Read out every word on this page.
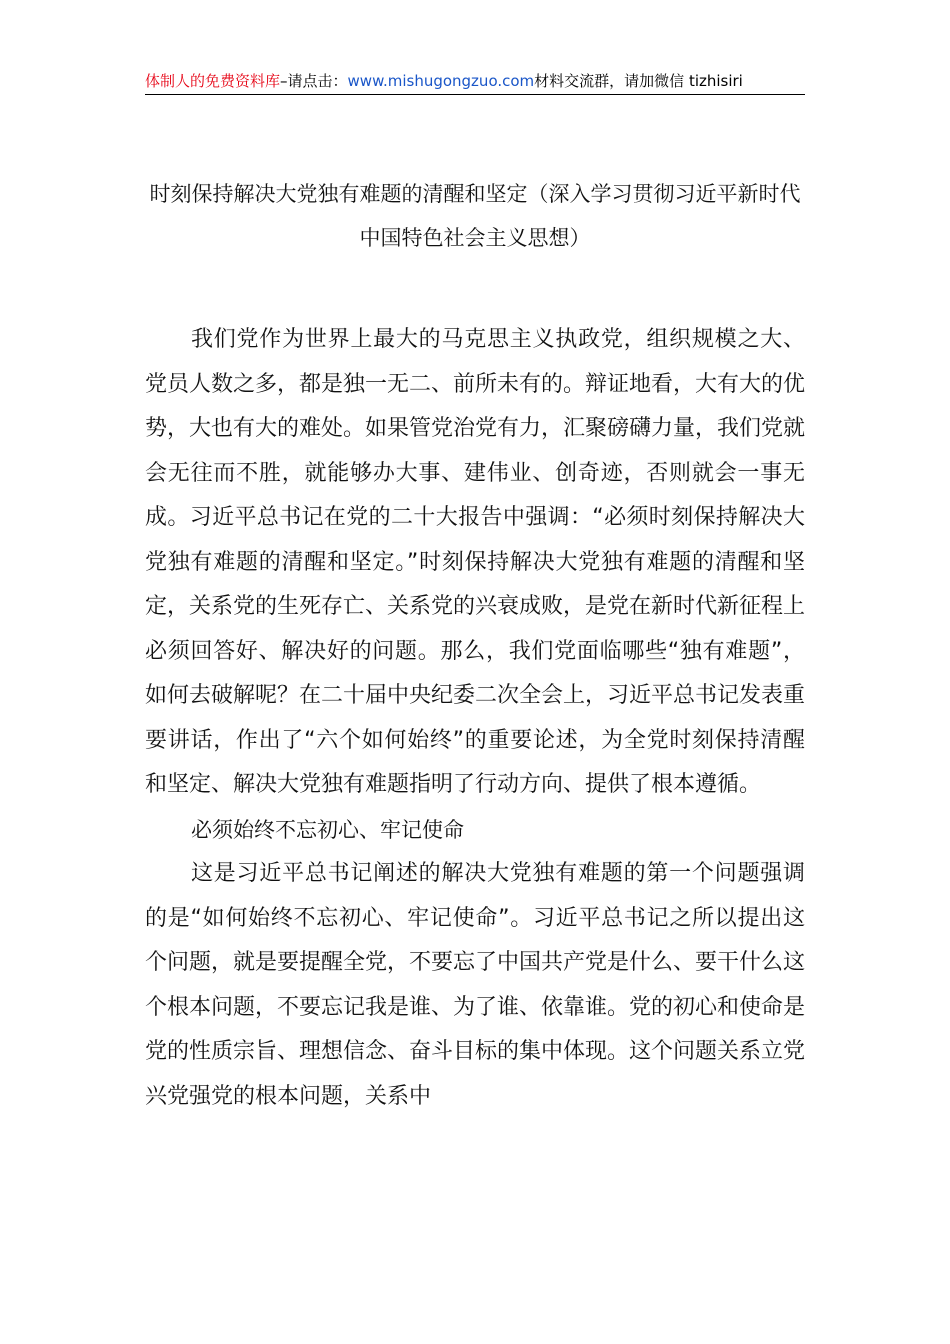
体制人的免费资料库–请点击：www.mishugongzuo.com材料交流群，请加微信 tizhisiri
时刻保持解决大党独有难题的清醒和坚定（深入学习贯彻习近平新时代中国特色社会主义思想）

我们党作为世界上最大的马克思主义执政党，组织规模之大、党员人数之多，都是独一无二、前所未有的。辩证地看，大有大的优势，大也有大的难处。如果管党治党有力，汇聚磅礴力量，我们党就会无往而不胜，就能够办大事、建伟业、创奇迹，否则就会一事无成。习近平总书记在党的二十大报告中强调：“必须时刻保持解决大党独有难题的清醒和坚定。”时刻保持解决大党独有难题的清醒和坚定，关系党的生死存亡、关系党的兴衰成败，是党在新时代新征程上必须回答好、解决好的问题。那么，我们党面临哪些“独有难题”，如何去破解呢？在二十届中央纪委二次全会上，习近平总书记发表重要讲话，作出了“六个如何始终”的重要论述，为全党时刻保持清醒和坚定、解决大党独有难题指明了行动方向、提供了根本遵循。

必须始终不忘初心、牢记使命

这是习近平总书记阐述的解决大党独有难题的第一个问题强调的是“如何始终不忘初心、牢记使命”。习近平总书记之所以提出这个问题，就是要提醒全党，不要忘了中国共产党是什么、要干什么这个根本问题，不要忘记我是谁、为了谁、依靠谁。党的初心和使命是党的性质宗旨、理想信念、奋斗目标的集中体现。这个问题关系立党兴党强党的根本问题，关系中
